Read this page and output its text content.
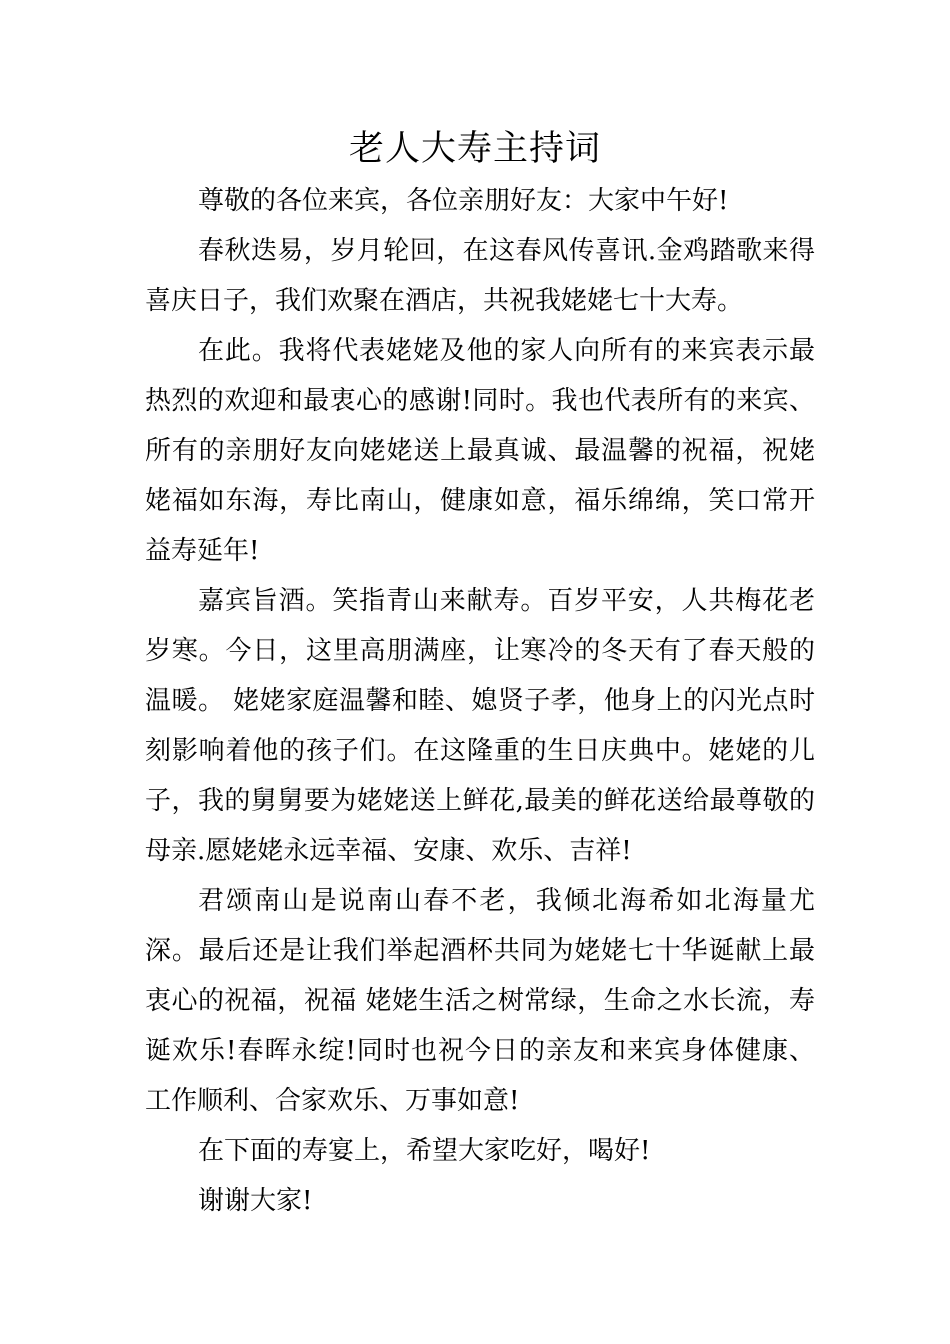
老人大寿主持词

尊敬的各位来宾，各位亲朋好友：大家中午好!

春秋迭易，岁月轮回，在这春风传喜讯.金鸡踏歌来得喜庆日子，我们欢聚在酒店，共祝我姥姥七十大寿。

在此。我将代表姥姥及他的家人向所有的来宾表示最热烈的欢迎和最衷心的感谢!同时。我也代表所有的来宾、所有的亲朋好友向姥姥送上最真诚、最温馨的祝福，祝姥姥福如东海，寿比南山，健康如意，福乐绵绵，笑口常开益寿延年!

嘉宾旨酒。笑指青山来献寿。百岁平安，人共梅花老岁寒。今日，这里高朋满座，让寒冷的冬天有了春天般的温暖。 姥姥家庭温馨和睦、媳贤子孝，他身上的闪光点时刻影响着他的孩子们。在这隆重的生日庆典中。姥姥的儿子，我的舅舅要为姥姥送上鲜花,最美的鲜花送给最尊敬的母亲.愿姥姥永远幸福、安康、欢乐、吉祥!

君颂南山是说南山春不老，我倾北海希如北海量尤深。最后还是让我们举起酒杯共同为姥姥七十华诞献上最衷心的祝福，祝福 姥姥生活之树常绿，生命之水长流，寿诞欢乐!春晖永绽!同时也祝今日的亲友和来宾身体健康、工作顺利、合家欢乐、万事如意!

在下面的寿宴上，希望大家吃好，喝好!

谢谢大家!
